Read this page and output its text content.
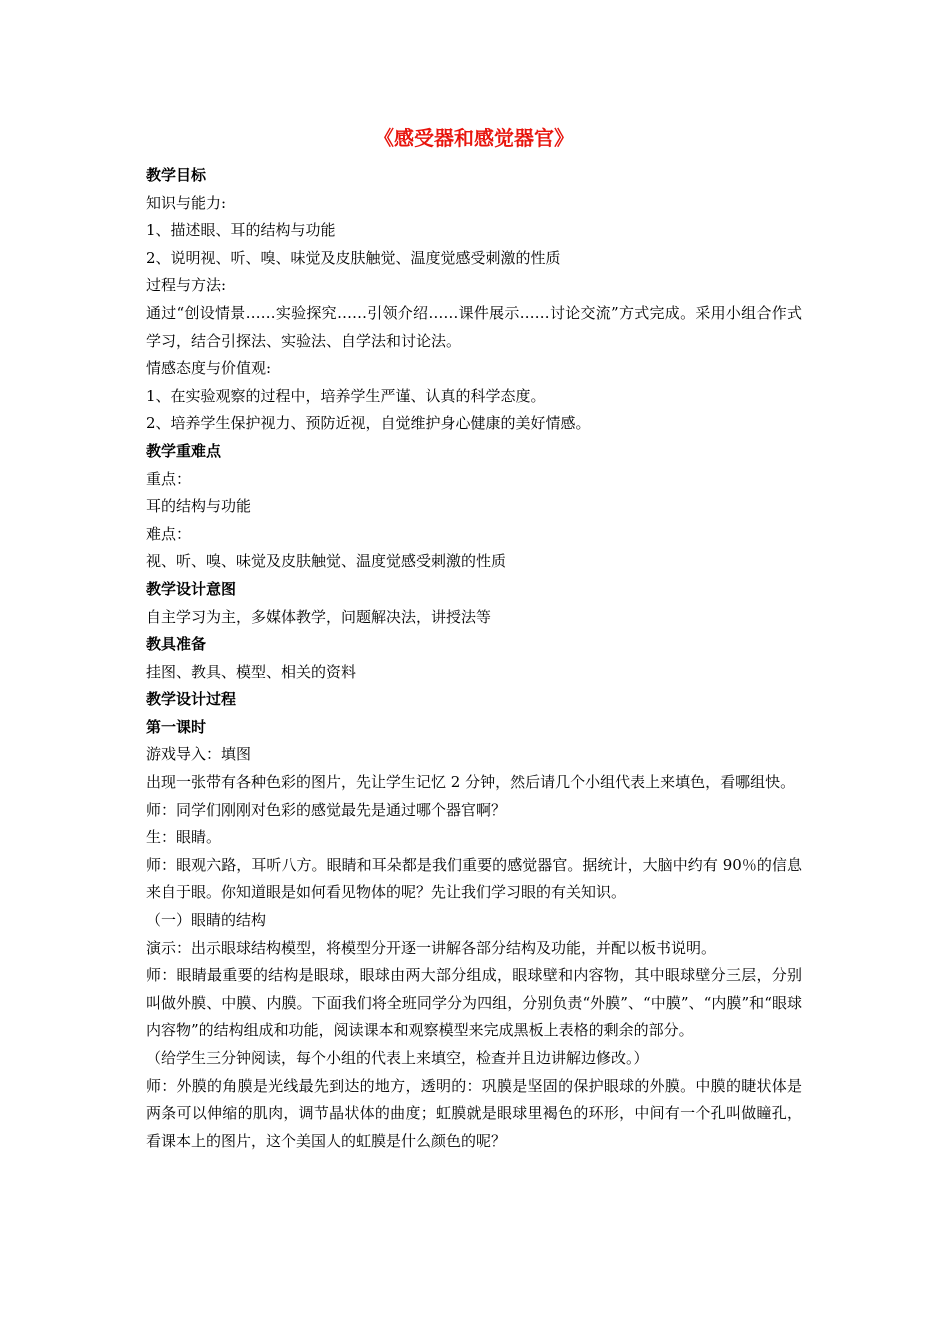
《感受器和感觉器官》
教学目标
知识与能力:
1、描述眼、耳的结构与功能
2、说明视、听、嗅、味觉及皮肤触觉、温度觉感受刺激的性质
过程与方法:
通过“创设情景……实验探究……引领介绍……课件展示……讨论交流”方式完成。采用小组合作式学习，结合引探法、实验法、自学法和讨论法。
情感态度与价值观:
1、在实验观察的过程中，培养学生严谨、认真的科学态度。
2、培养学生保护视力、预防近视，自觉维护身心健康的美好情感。
教学重难点
重点：
耳的结构与功能
难点：
视、听、嗅、味觉及皮肤触觉、温度觉感受刺激的性质
教学设计意图
自主学习为主，多媒体教学，问题解决法，讲授法等
教具准备
挂图、教具、模型、相关的资料
教学设计过程
第一课时
游戏导入：填图
出现一张带有各种色彩的图片，先让学生记忆 2 分钟，然后请几个小组代表上来填色，看哪组快。
师：同学们刚刚对色彩的感觉最先是通过哪个器官啊？
生：眼睛。
师：眼观六路，耳听八方。眼睛和耳朵都是我们重要的感觉器官。据统计，大脑中约有 90％的信息来自于眼。你知道眼是如何看见物体的呢？先让我们学习眼的有关知识。
（一）眼睛的结构
演示：出示眼球结构模型，将模型分开逐一讲解各部分结构及功能，并配以板书说明。
师：眼睛最重要的结构是眼球，眼球由两大部分组成，眼球壁和内容物，其中眼球壁分三层，分别叫做外膜、中膜、内膜。下面我们将全班同学分为四组，分别负责“外膜”、“中膜”、“内膜”和“眼球内容物”的结构组成和功能，阅读课本和观察模型来完成黑板上表格的剩余的部分。
（给学生三分钟阅读，每个小组的代表上来填空，检查并且边讲解边修改。）
师：外膜的角膜是光线最先到达的地方，透明的：巩膜是坚固的保护眼球的外膜。中膜的睫状体是两条可以伸缩的肌肉，调节晶状体的曲度；虹膜就是眼球里褐色的环形，中间有一个孔叫做瞳孔，看课本上的图片，这个美国人的虹膜是什么颜色的呢？
